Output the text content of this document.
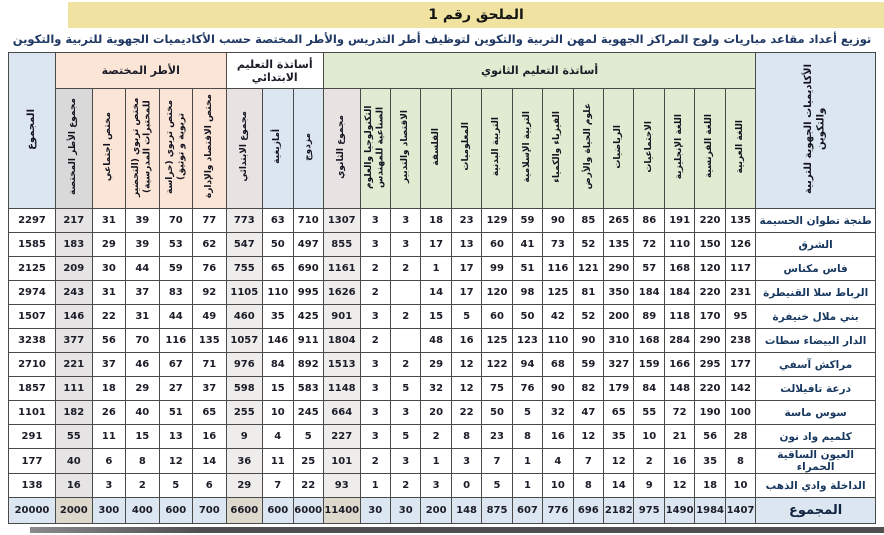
الملحق رقم 1
توزيع أعداد مقاعد مباريات ولوج المراكز الجهوية لمهن التربية والتكوين لتوظيف أطر التدريس والأطر المختصة حسب الأكاديميات الجهوية للتربية والتكوين
الأكاديميات الجهوية للتربية والتكوين	أساتذة التعليم الثانوي														أساتذة التعليم الابتدائي			الأطر المختصة					المجموع
	اللغة العربية	اللغة الفرنسية	اللغة الإنجليزية	الاجتماعيات	الرياضيات	علوم الحياة والأرض	الفيزياء والكمياء	التربية الإسلامية	التربية البدنية	المعلوميات	الفلسفة	الاقتصاد والتدبير	التكنولوجيا والعلوم الصناعية للمهندس	مجموع الثانوي	مزدوج	أمازيغية	مجموع الابتدائي	مختص الاقتصاد والإدارة	مختص تربوي (حراسة تربوية و توثيق)	مختص تربوي (التحضير للمختبرات المدرسية)	مختص اجتماعي	مجموع الأطر المختصة	
طنجة تطوان الحسيمة	135	220	191	86	265	85	90	59	129	23	18	3	3	1307	710	63	773	77	70	39	31	217	2297
الشرق	126	150	110	72	135	52	73	41	60	13	17	3	3	855	497	50	547	62	53	39	29	183	1585
فاس مكناس	117	120	168	57	290	121	116	51	99	17	1	2	2	1161	690	65	755	76	59	44	30	209	2125
الرباط سلا القنيطرة	231	220	184	184	350	81	125	98	120	17	14		2	1626	995	110	1105	92	83	37	31	243	2974
بني ملال خنيفرة	95	170	118	89	200	52	42	50	60	5	15	2	3	901	425	35	460	49	44	31	22	146	1507
الدار البيضاء سطات	238	290	284	168	310	90	110	123	125	16	48		2	1804	911	146	1057	135	116	70	56	377	3238
مراكش آسفي	177	295	166	159	327	59	68	94	122	12	29	2	3	1513	892	84	976	71	67	46	37	221	2710
درعة تافيلالت	142	220	148	84	179	82	90	76	75	12	32	5	3	1148	583	15	598	37	27	29	18	111	1857
سوس ماسة	100	190	72	55	65	47	32	5	50	22	20	3	3	664	245	10	255	65	51	40	26	182	1101
كلميم واد نون	28	56	21	10	35	12	16	8	23	8	2	5	3	227	5	4	9	16	13	15	11	55	291
العيون الساقية الحمراء	8	35	16	2	12	7	4	1	7	3	1	3	2	101	25	11	36	14	12	8	6	40	177
الداخلة وادي الذهب	10	18	12	9	14	8	10	1	5	0	3	2	1	93	22	7	29	6	5	2	3	16	138
المجموع	1407	1984	1490	975	2182	696	776	607	875	148	200	30	30	11400	6000	600	6600	700	600	400	300	2000	20000
